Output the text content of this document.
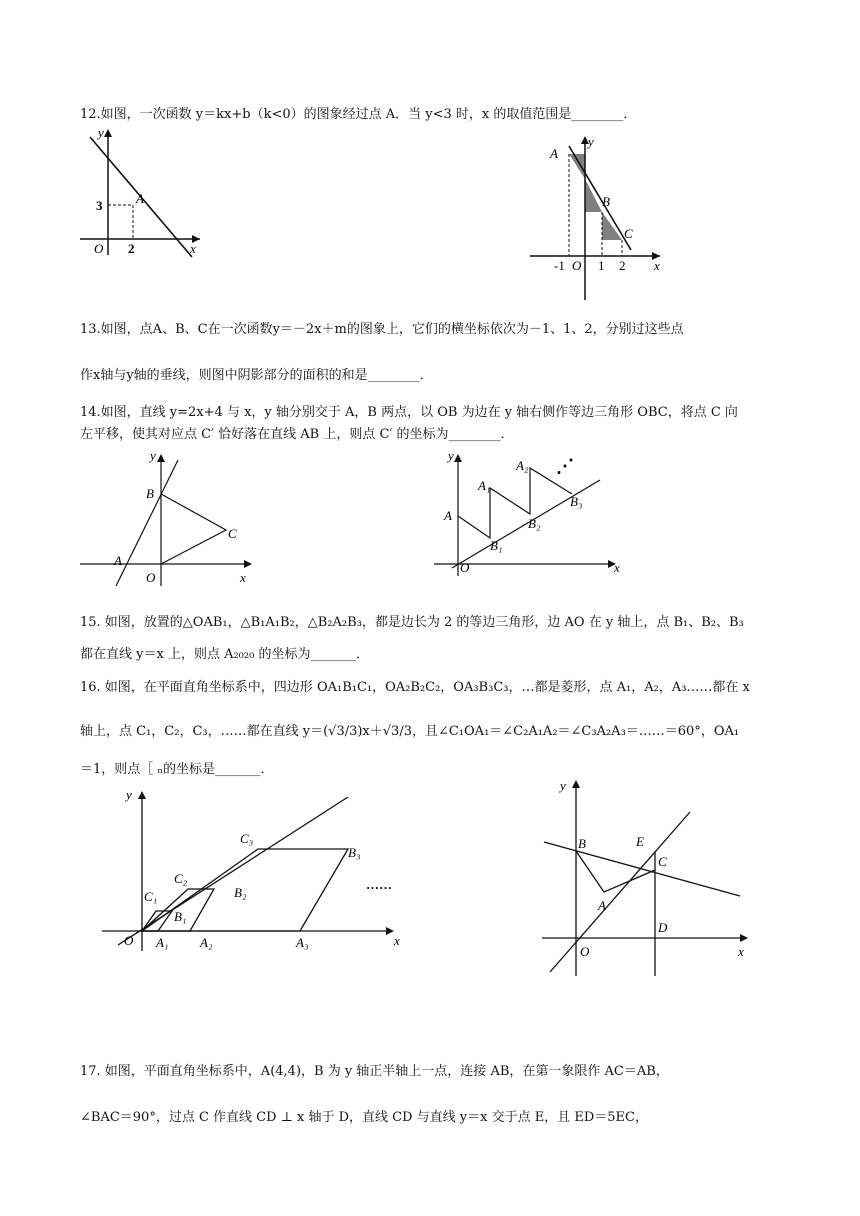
12.如图，一次函数 y＝kx+b（k<0）的图象经过点 A．当 y<3 时，x 的取值范围是________．
y
x
O
3
2
A
y
x
O
A
B
C
-1	1 2
13.如图，点A、B、C在一次函数y＝－2x＋m的图象上，它们的横坐标依次为－1、1、2，分别过这些点
作x轴与y轴的垂线，则图中阴影部分的面积的和是________．
14.如图，直线 y=2x+4 与 x，y 轴分别交于 A，B 两点，以 OB 为边在 y 轴右侧作等边三角形 OBC，将点 C 向
左平移，使其对应点 C′ 恰好落在直线 AB 上，则点 C′ 的坐标为________．
y
x
O
A
B
C
y
x
O
A
A₁
A₂
B₁
B₂
B₃
⋰
15. 如图，放置的△OAB₁，△B₁A₁B₂，△B₂A₂B₃，都是边长为 2 的等边三角形，边 AO 在 y 轴上，点 B₁、B₂、B₃
都在直线 y＝x 上，则点 A₂₀₂₀ 的坐标为_______．
16. 如图，在平面直角坐标系中，四边形 OA₁B₁C₁，OA₂B₂C₂，OA₃B₃C₃，…都是菱形，点 A₁，A₂，A₃……都在 x
轴上，点 C₁，C₂，C₃，……都在直线 y＝(√3/3)x＋√3/3，且∠C₁OA₁＝∠C₂A₁A₂＝∠C₃A₂A₃＝……＝60°，OA₁
＝1，则点［ ₙ的坐标是_______．
y
x
O A₁ A₂	A₃
B₁
B₂
B₃
C₁
C₂
C₃
……
y
x
O
A
B
C
D
E
17. 如图，平面直角坐标系中，A(4,4)，B 为 y 轴正半轴上一点，连接 AB，在第一象限作 AC＝AB，
∠BAC＝90°，过点 C 作直线 CD ⊥ x 轴于 D，直线 CD 与直线 y＝x 交于点 E，且 ED＝5EC，
